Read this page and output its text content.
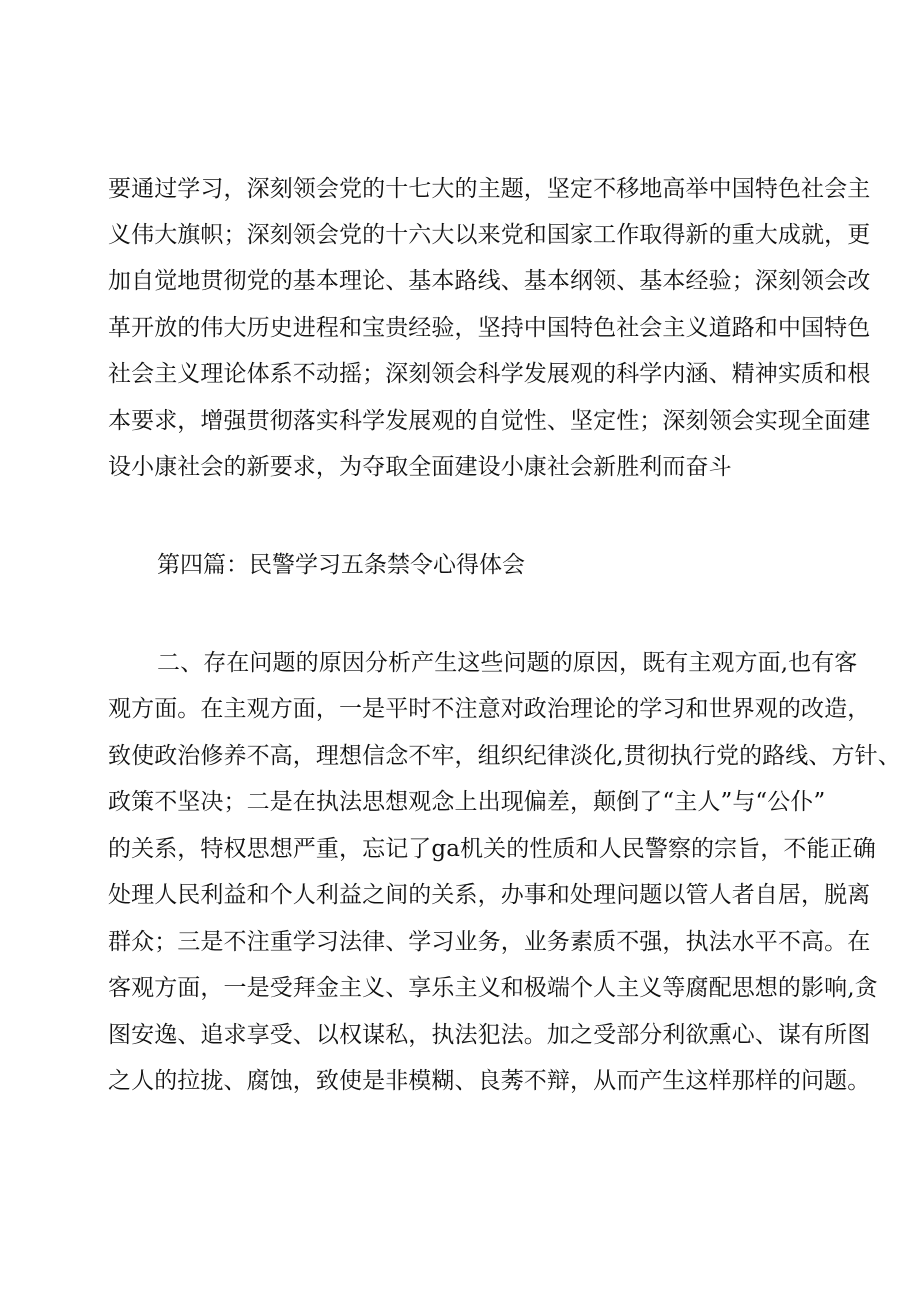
要通过学习，深刻领会党的十七大的主题，坚定不移地高举中国特色社会主
义伟大旗帜；深刻领会党的十六大以来党和国家工作取得新的重大成就，更
加自觉地贯彻党的基本理论、基本路线、基本纲领、基本经验；深刻领会改
革开放的伟大历史进程和宝贵经验，坚持中国特色社会主义道路和中国特色
社会主义理论体系不动摇；深刻领会科学发展观的科学内涵、精神实质和根
本要求，增强贯彻落实科学发展观的自觉性、坚定性；深刻领会实现全面建
设小康社会的新要求，为夺取全面建设小康社会新胜利而奋斗
第四篇：民警学习五条禁令心得体会
二、存在问题的原因分析产生这些问题的原因，既有主观方面,也有客
观方面。在主观方面，一是平时不注意对政治理论的学习和世界观的改造，
致使政治修养不高，理想信念不牢，组织纪律淡化,贯彻执行党的路线、方针、
政策不坚决；二是在执法思想观念上出现偏差，颠倒了“主人”与“公仆”
的关系，特权思想严重，忘记了ga机关的性质和人民警察的宗旨，不能正确
处理人民利益和个人利益之间的关系，办事和处理问题以管人者自居，脱离
群众；三是不注重学习法律、学习业务，业务素质不强，执法水平不高。在
客观方面，一是受拜金主义、享乐主义和极端个人主义等腐配思想的影响,贪
图安逸、追求享受、以权谋私，执法犯法。加之受部分利欲熏心、谋有所图
之人的拉拢、腐蚀，致使是非模糊、良莠不辩，从而产生这样那样的问题。
